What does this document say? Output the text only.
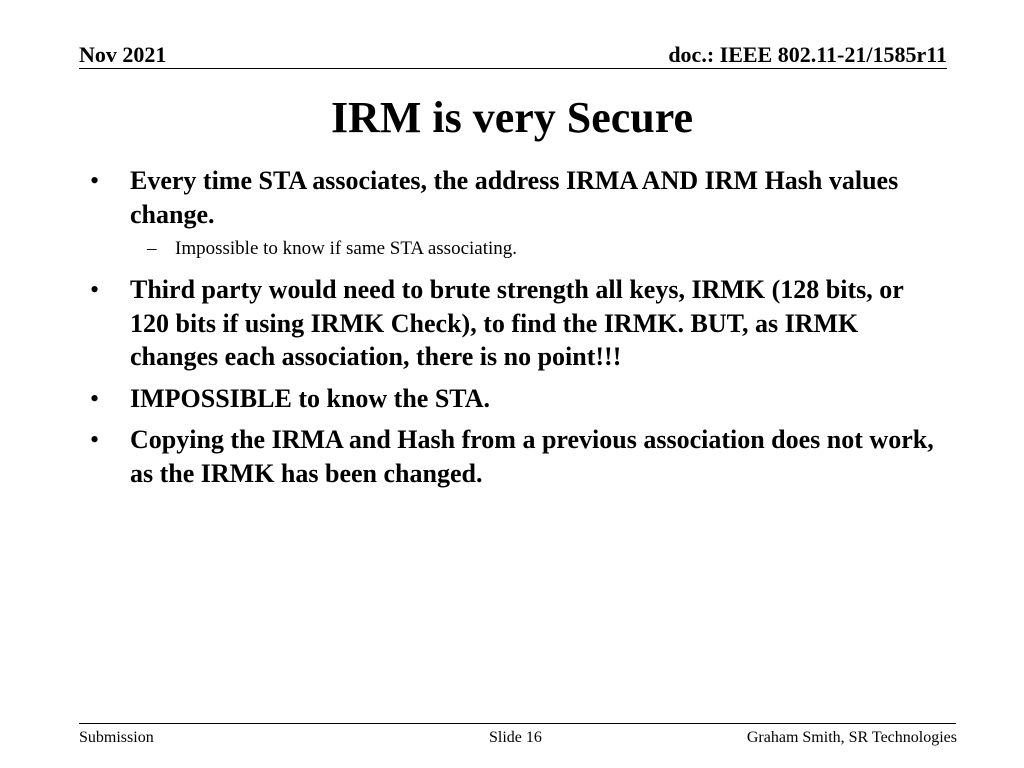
Nov 2021	doc.: IEEE 802.11-21/1585r11
IRM is very Secure
• Every time STA associates, the address IRMA AND IRM Hash values change.
– Impossible to know if same STA associating.
• Third party would need to brute strength all keys, IRMK (128 bits, or 120 bits if using IRMK Check), to find the IRMK. BUT, as IRMK changes each association, there is no point!!!
• IMPOSSIBLE to know the STA.
• Copying the IRMA and Hash from a previous association does not work, as the IRMK has been changed.
Submission	Slide 16	Graham Smith, SR Technologies
